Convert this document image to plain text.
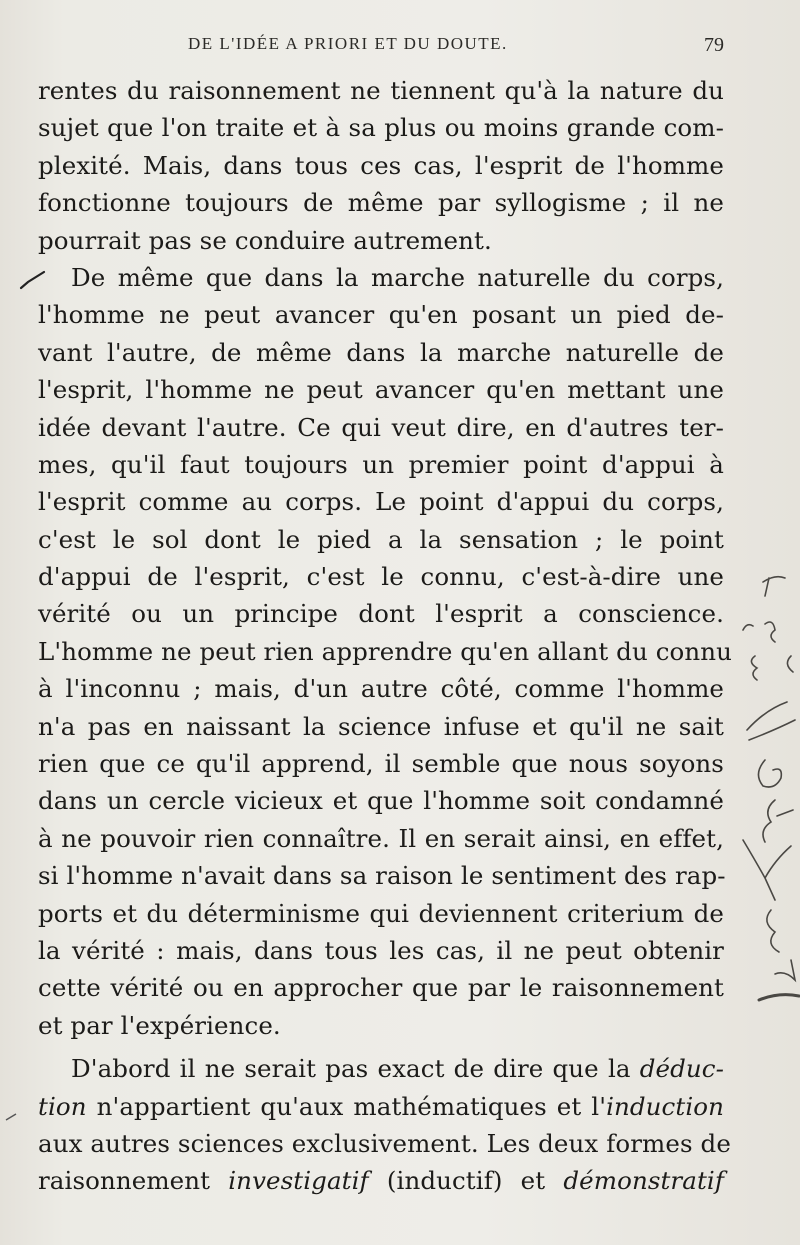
DE L'IDÉE A PRIORI ET DU DOUTE.	79
rentes du raisonnement ne tiennent qu'à la nature du
sujet que l'on traite et à sa plus ou moins grande com-
plexité. Mais, dans tous ces cas, l'esprit de l'homme
fonctionne toujours de même par syllogisme ; il ne
pourrait pas se conduire autrement.
De même que dans la marche naturelle du corps,
l'homme ne peut avancer qu'en posant un pied de-
vant l'autre, de même dans la marche naturelle de
l'esprit, l'homme ne peut avancer qu'en mettant une
idée devant l'autre. Ce qui veut dire, en d'autres ter-
mes, qu'il faut toujours un premier point d'appui à
l'esprit comme au corps. Le point d'appui du corps,
c'est le sol dont le pied a la sensation ; le point
d'appui de l'esprit, c'est le connu, c'est-à-dire une
vérité ou un principe dont l'esprit a conscience.
L'homme ne peut rien apprendre qu'en allant du connu
à l'inconnu ; mais, d'un autre côté, comme l'homme
n'a pas en naissant la science infuse et qu'il ne sait
rien que ce qu'il apprend, il semble que nous soyons
dans un cercle vicieux et que l'homme soit condamné
à ne pouvoir rien connaître. Il en serait ainsi, en effet,
si l'homme n'avait dans sa raison le sentiment des rap-
ports et du déterminisme qui deviennent criterium de
la vérité : mais, dans tous les cas, il ne peut obtenir
cette vérité ou en approcher que par le raisonnement
et par l'expérience.
D'abord il ne serait pas exact de dire que la déduc-
tion n'appartient qu'aux mathématiques et l'induction
aux autres sciences exclusivement. Les deux formes de
raisonnement investigatif (inductif) et démonstratif
